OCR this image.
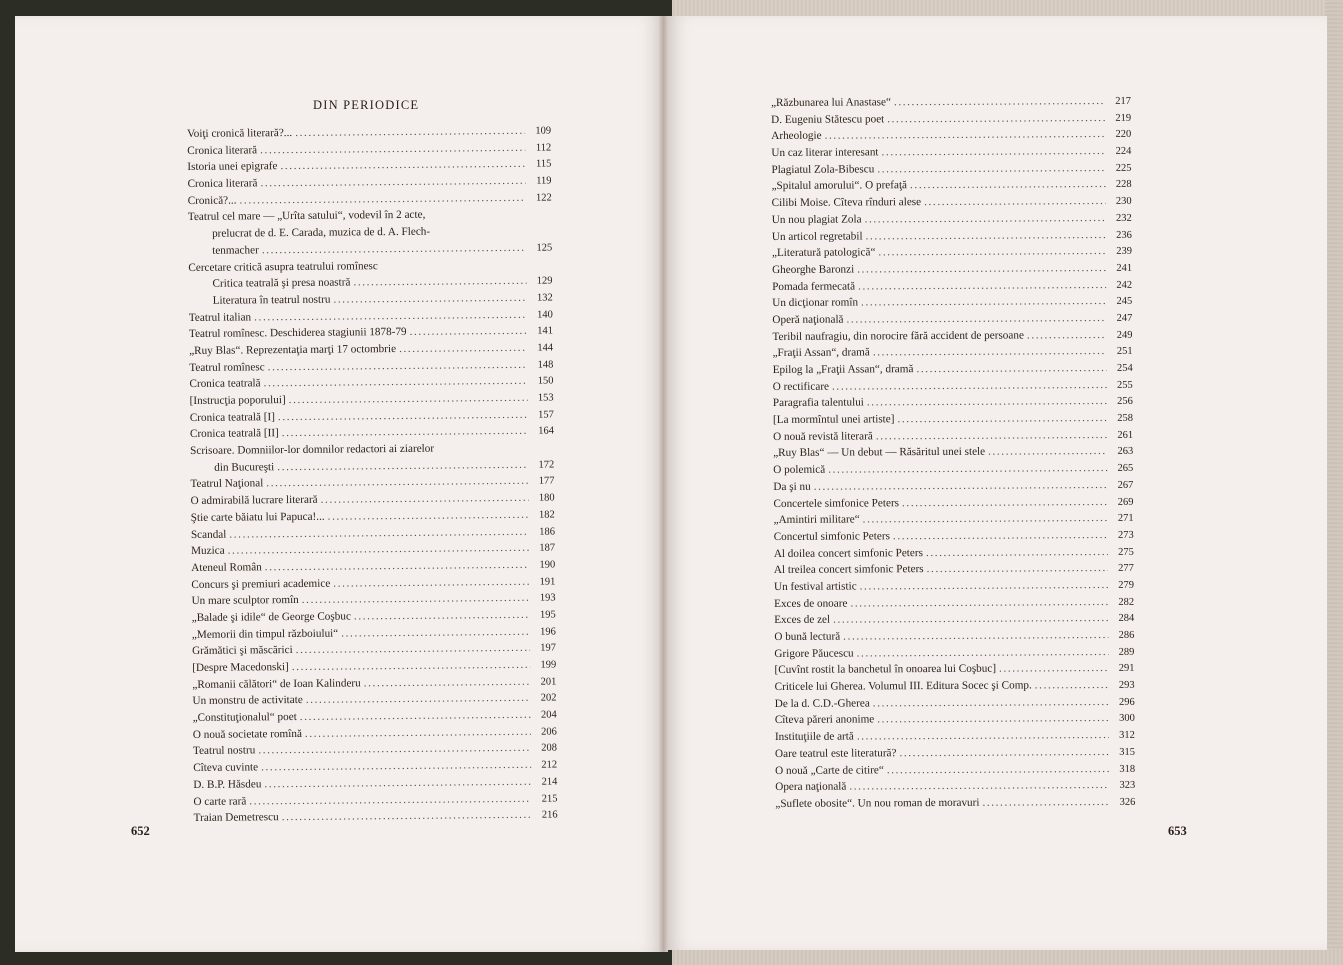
DIN PERIODICE
Voiţi cronică literară?... .....	109
Cronica literară .....	112
Istoria unei epigrafe .....	115
Cronica literară .....	119
Cronică?... .....	122
Teatrul cel mare — „Urîta satului“, vodevil în 2 acte,
prelucrat de d. E. Carada, muzica de d. A. Flech-
tenmacher .....	125
Cercetare critică asupra teatrului romînesc
Critica teatrală şi presa noastră .....	129
Literatura în teatrul nostru .....	132
Teatrul italian .....	140
Teatrul romînesc. Deschiderea stagiunii 1878-79 .....	141
„Ruy Blas“. Reprezentaţia marţi 17 octombrie .....	144
Teatrul romînesc .....	148
Cronica teatrală .....	150
[Instrucţia poporului] .....	153
Cronica teatrală [I] .....	157
Cronica teatrală [II] .....	164
Scrisoare. Domniilor-lor domnilor redactori ai ziarelor
din Bucureşti .....	172
Teatrul Naţional .....	177
O admirabilă lucrare literară .....	180
Ştie carte băiatu lui Papuca!... .....	182
Scandal .....	186
Muzica .....	187
Ateneul Român .....	190
Concurs şi premiuri academice .....	191
Un mare sculptor romîn .....	193
„Balade şi idile“ de George Coşbuc .....	195
„Memorii din timpul războiului“ .....	196
Grămătici şi măscărici .....	197
[Despre Macedonski] .....	199
„Romanii călători“ de Ioan Kalinderu .....	201
Un monstru de activitate .....	202
„Constituţionalul“ poet .....	204
O nouă societate romînă .....	206
Teatrul nostru .....	208
Cîteva cuvinte .....	212
D. B.P. Hăsdeu .....	214
O carte rară .....	215
Traian Demetrescu .....	216
„Răzbunarea lui Anastase“ .....	217
D. Eugeniu Stătescu poet .....	219
Arheologie .....	220
Un caz literar interesant .....	224
Plagiatul Zola-Bibescu .....	225
„Spitalul amorului“. O prefaţă .....	228
Cilibi Moise. Cîteva rînduri alese .....	230
Un nou plagiat Zola .....	232
Un articol regretabil .....	236
„Literatură patologică“ .....	239
Gheorghe Baronzi .....	241
Pomada fermecată .....	242
Un dicţionar romîn .....	245
Operă naţională .....	247
Teribil naufragiu, din norocire fără accident de persoane .....	249
„Fraţii Assan“, dramă .....	251
Epilog la „Fraţii Assan“, dramă .....	254
O rectificare .....	255
Paragrafia talentului .....	256
[La mormîntul unei artiste] .....	258
O nouă revistă literară .....	261
„Ruy Blas“ — Un debut — Răsăritul unei stele .....	263
O polemică .....	265
Da şi nu .....	267
Concertele simfonice Peters .....	269
„Amintiri militare“ .....	271
Concertul simfonic Peters .....	273
Al doilea concert simfonic Peters .....	275
Al treilea concert simfonic Peters .....	277
Un festival artistic .....	279
Exces de onoare .....	282
Exces de zel .....	284
O bună lectură .....	286
Grigore Păucescu .....	289
[Cuvînt rostit la banchetul în onoarea lui Coşbuc] .....	291
Criticele lui Gherea. Volumul III. Editura Socec şi Comp. .....	293
De la d. C.D.-Gherea .....	296
Cîteva păreri anonime .....	300
Instituţiile de artă .....	312
Oare teatrul este literatură? .....	315
O nouă „Carte de citire“ .....	318
Opera naţională .....	323
„Suflete obosite“. Un nou roman de moravuri .....	326
652	653
